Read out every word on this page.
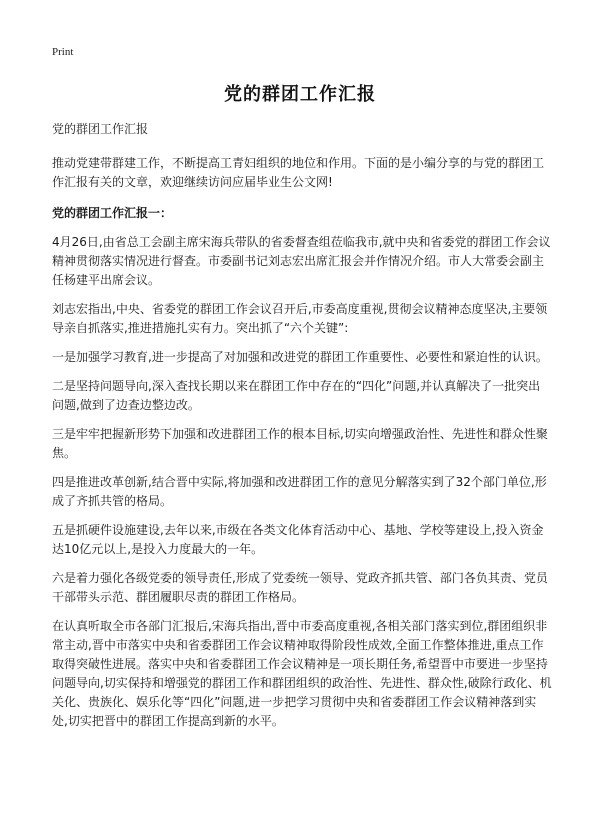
Print
党的群团工作汇报

党的群团工作汇报

推动党建带群建工作，不断提高工青妇组织的地位和作用。下面的是小编分享的与党的群团工作汇报有关的文章，欢迎继续访问应届毕业生公文网!

党的群团工作汇报一：

4月26日,由省总工会副主席宋海兵带队的省委督查组莅临我市,就中央和省委党的群团工作会议精神贯彻落实情况进行督查。市委副书记刘志宏出席汇报会并作情况介绍。市人大常委会副主任杨建平出席会议。

刘志宏指出,中央、省委党的群团工作会议召开后,市委高度重视,贯彻会议精神态度坚决,主要领导亲自抓落实,推进措施扎实有力。突出抓了“六个关键”:

一是加强学习教育,进一步提高了对加强和改进党的群团工作重要性、必要性和紧迫性的认识。

二是坚持问题导向,深入查找长期以来在群团工作中存在的“四化”问题,并认真解决了一批突出问题,做到了边查边整边改。

三是牢牢把握新形势下加强和改进群团工作的根本目标,切实向增强政治性、先进性和群众性聚焦。

四是推进改革创新,结合晋中实际,将加强和改进群团工作的意见分解落实到了32个部门单位,形成了齐抓共管的格局。

五是抓硬件设施建设,去年以来,市级在各类文化体育活动中心、基地、学校等建设上,投入资金达10亿元以上,是投入力度最大的一年。

六是着力强化各级党委的领导责任,形成了党委统一领导、党政齐抓共管、部门各负其责、党员干部带头示范、群团履职尽责的群团工作格局。

在认真听取全市各部门汇报后,宋海兵指出,晋中市委高度重视,各相关部门落实到位,群团组织非常主动,晋中市落实中央和省委群团工作会议精神取得阶段性成效,全面工作整体推进,重点工作取得突破性进展。落实中央和省委群团工作会议精神是一项长期任务,希望晋中市要进一步坚持问题导向,切实保持和增强党的群团工作和群团组织的政治性、先进性、群众性,破除行政化、机关化、贵族化、娱乐化等“四化”问题,进一步把学习贯彻中央和省委群团工作会议精神落到实处,切实把晋中的群团工作提高到新的水平。
